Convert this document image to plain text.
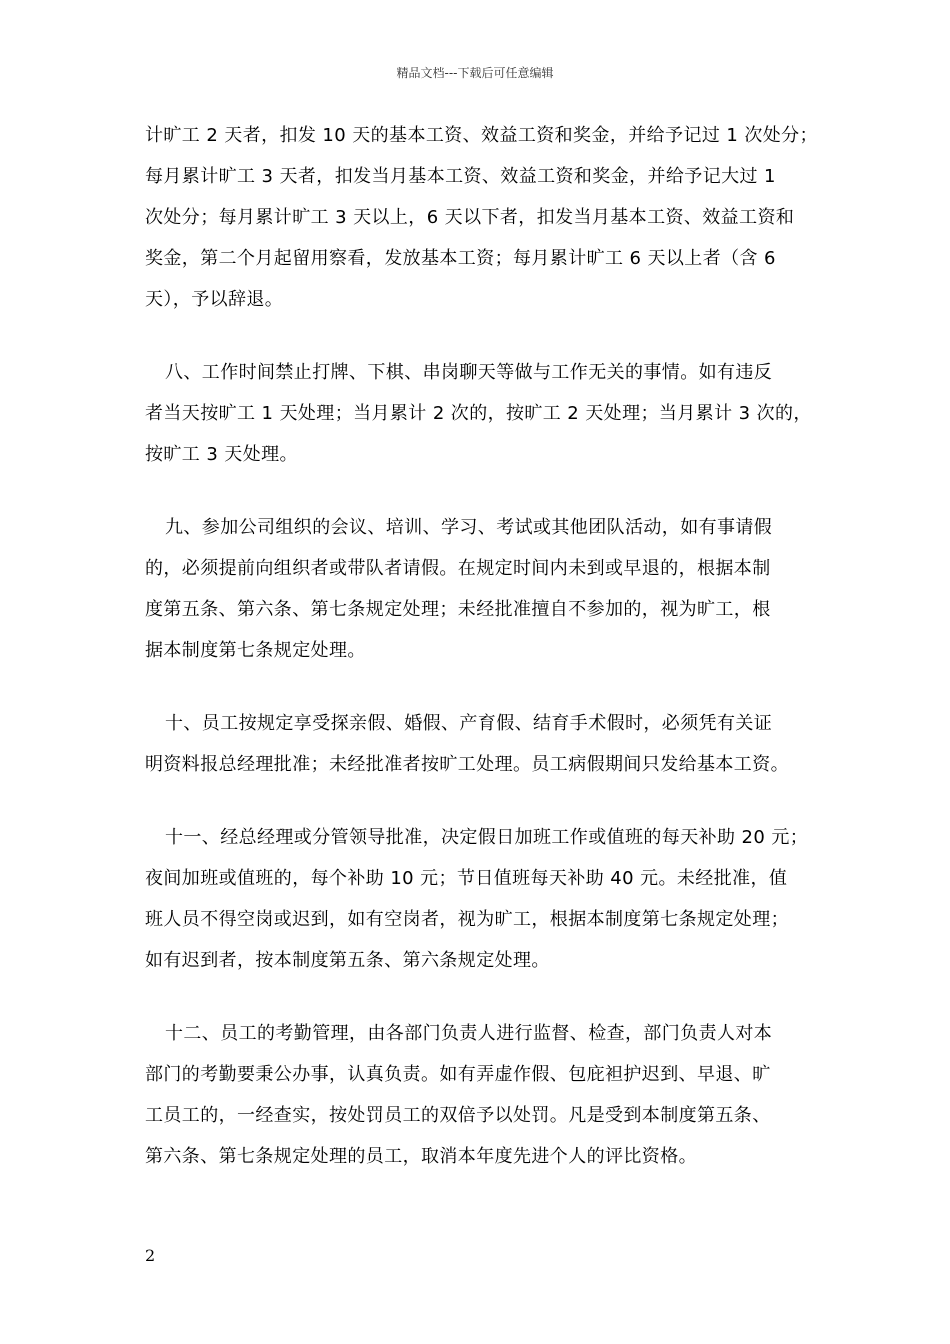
精品文档---下载后可任意编辑

计旷工 2 天者，扣发 10 天的基本工资、效益工资和奖金，并给予记过 1 次处分；
每月累计旷工 3 天者，扣发当月基本工资、效益工资和奖金，并给予记大过 1
次处分；每月累计旷工 3 天以上，6 天以下者，扣发当月基本工资、效益工资和
奖金，第二个月起留用察看，发放基本工资；每月累计旷工 6 天以上者（含 6
天），予以辞退。

八、工作时间禁止打牌、下棋、串岗聊天等做与工作无关的事情。如有违反
者当天按旷工 1 天处理；当月累计 2 次的，按旷工 2 天处理；当月累计 3 次的，
按旷工 3 天处理。

九、参加公司组织的会议、培训、学习、考试或其他团队活动，如有事请假
的，必须提前向组织者或带队者请假。在规定时间内未到或早退的，根据本制
度第五条、第六条、第七条规定处理；未经批准擅自不参加的，视为旷工，根
据本制度第七条规定处理。

十、员工按规定享受探亲假、婚假、产育假、结育手术假时，必须凭有关证
明资料报总经理批准；未经批准者按旷工处理。员工病假期间只发给基本工资。

十一、经总经理或分管领导批准，决定假日加班工作或值班的每天补助 20 元；
夜间加班或值班的，每个补助 10 元；节日值班每天补助 40 元。未经批准，值
班人员不得空岗或迟到，如有空岗者，视为旷工，根据本制度第七条规定处理；
如有迟到者，按本制度第五条、第六条规定处理。

十二、员工的考勤管理，由各部门负责人进行监督、检查，部门负责人对本
部门的考勤要秉公办事，认真负责。如有弄虚作假、包庇袒护迟到、早退、旷
工员工的，一经查实，按处罚员工的双倍予以处罚。凡是受到本制度第五条、
第六条、第七条规定处理的员工，取消本年度先进个人的评比资格。

2
